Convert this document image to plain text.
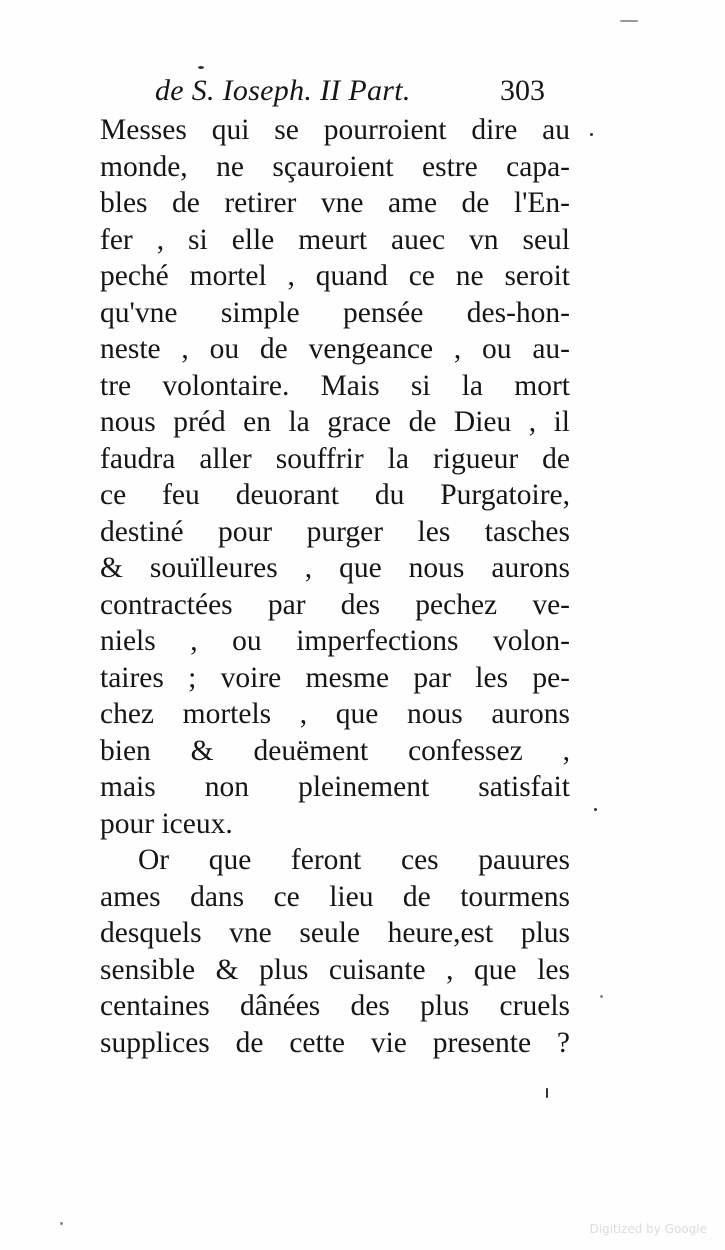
de S. Ioseph. II Part.	303
Messes qui se pourroient dire au
monde, ne sçauroient estre capa-
bles de retirer vne ame de l'En-
fer , si elle meurt auec vn seul
peché mortel , quand ce ne seroit
qu'vne simple pensée des-hon-
neste , ou de vengeance , ou au-
tre volontaire. Mais si la mort
nous préd en la grace de Dieu , il
faudra aller souffrir la rigueur de
ce feu deuorant du Purgatoire,
destiné pour purger les tasches
& souïlleures , que nous aurons
contractées par des pechez ve-
niels , ou imperfections volon-
taires ; voire mesme par les pe-
chez mortels , que nous aurons
bien & deuëment confessez ,
mais non pleinement satisfait
pour iceux.
Or que feront ces pauures
ames dans ce lieu de tourmens
desquels vne seule heure,est plus
sensible & plus cuisante , que les
centaines dânées des plus cruels
supplices de cette vie presente ?
Digitized by Google
